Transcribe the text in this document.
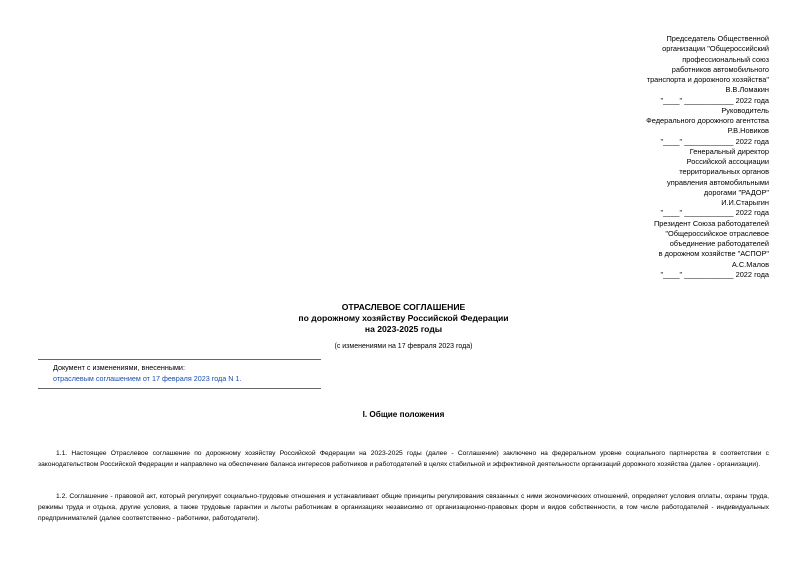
Председатель Общественной
организации "Общероссийский
профессиональный союз
работников автомобильного
транспорта и дорожного хозяйства"
В.В.Ломакин
"____" ____________ 2022 года
Руководитель
Федерального дорожного агентства
Р.В.Новиков
"____" ____________ 2022 года
Генеральный директор
Российской ассоциации
территориальных органов
управления автомобильными
дорогами "РАДОР"
И.И.Старыгин
"____" ____________ 2022 года
Президент Союза работодателей
"Общероссийское отраслевое
объединение работодателей
в дорожном хозяйстве "АСПОР"
А.С.Малов
"____" ____________ 2022 года
ОТРАСЛЕВОЕ СОГЛАШЕНИЕ
по дорожному хозяйству Российской Федерации
на 2023-2025 годы
(с изменениями на 17 февраля 2023 года)
Документ с изменениями, внесенными:
отраслевым соглашением от 17 февраля 2023 года N 1.
I. Общие положения
1.1. Настоящее Отраслевое соглашение по дорожному хозяйству Российской Федерации на 2023-2025 годы (далее - Соглашение) заключено на федеральном уровне социального партнерства в соответствии с законодательством Российской Федерации и направлено на обеспечение баланса интересов работников и работодателей в целях стабильной и эффективной деятельности организаций дорожного хозяйства (далее - организации).
1.2. Соглашение - правовой акт, который регулирует социально-трудовые отношения и устанавливает общие принципы регулирования связанных с ними экономических отношений, определяет условия оплаты, охраны труда, режимы труда и отдыха, другие условия, а также трудовые гарантии и льготы работникам в организациях независимо от организационно-правовых форм и видов собственности, в том числе работодателей - индивидуальных предпринимателей (далее соответственно - работники, работодатели).
